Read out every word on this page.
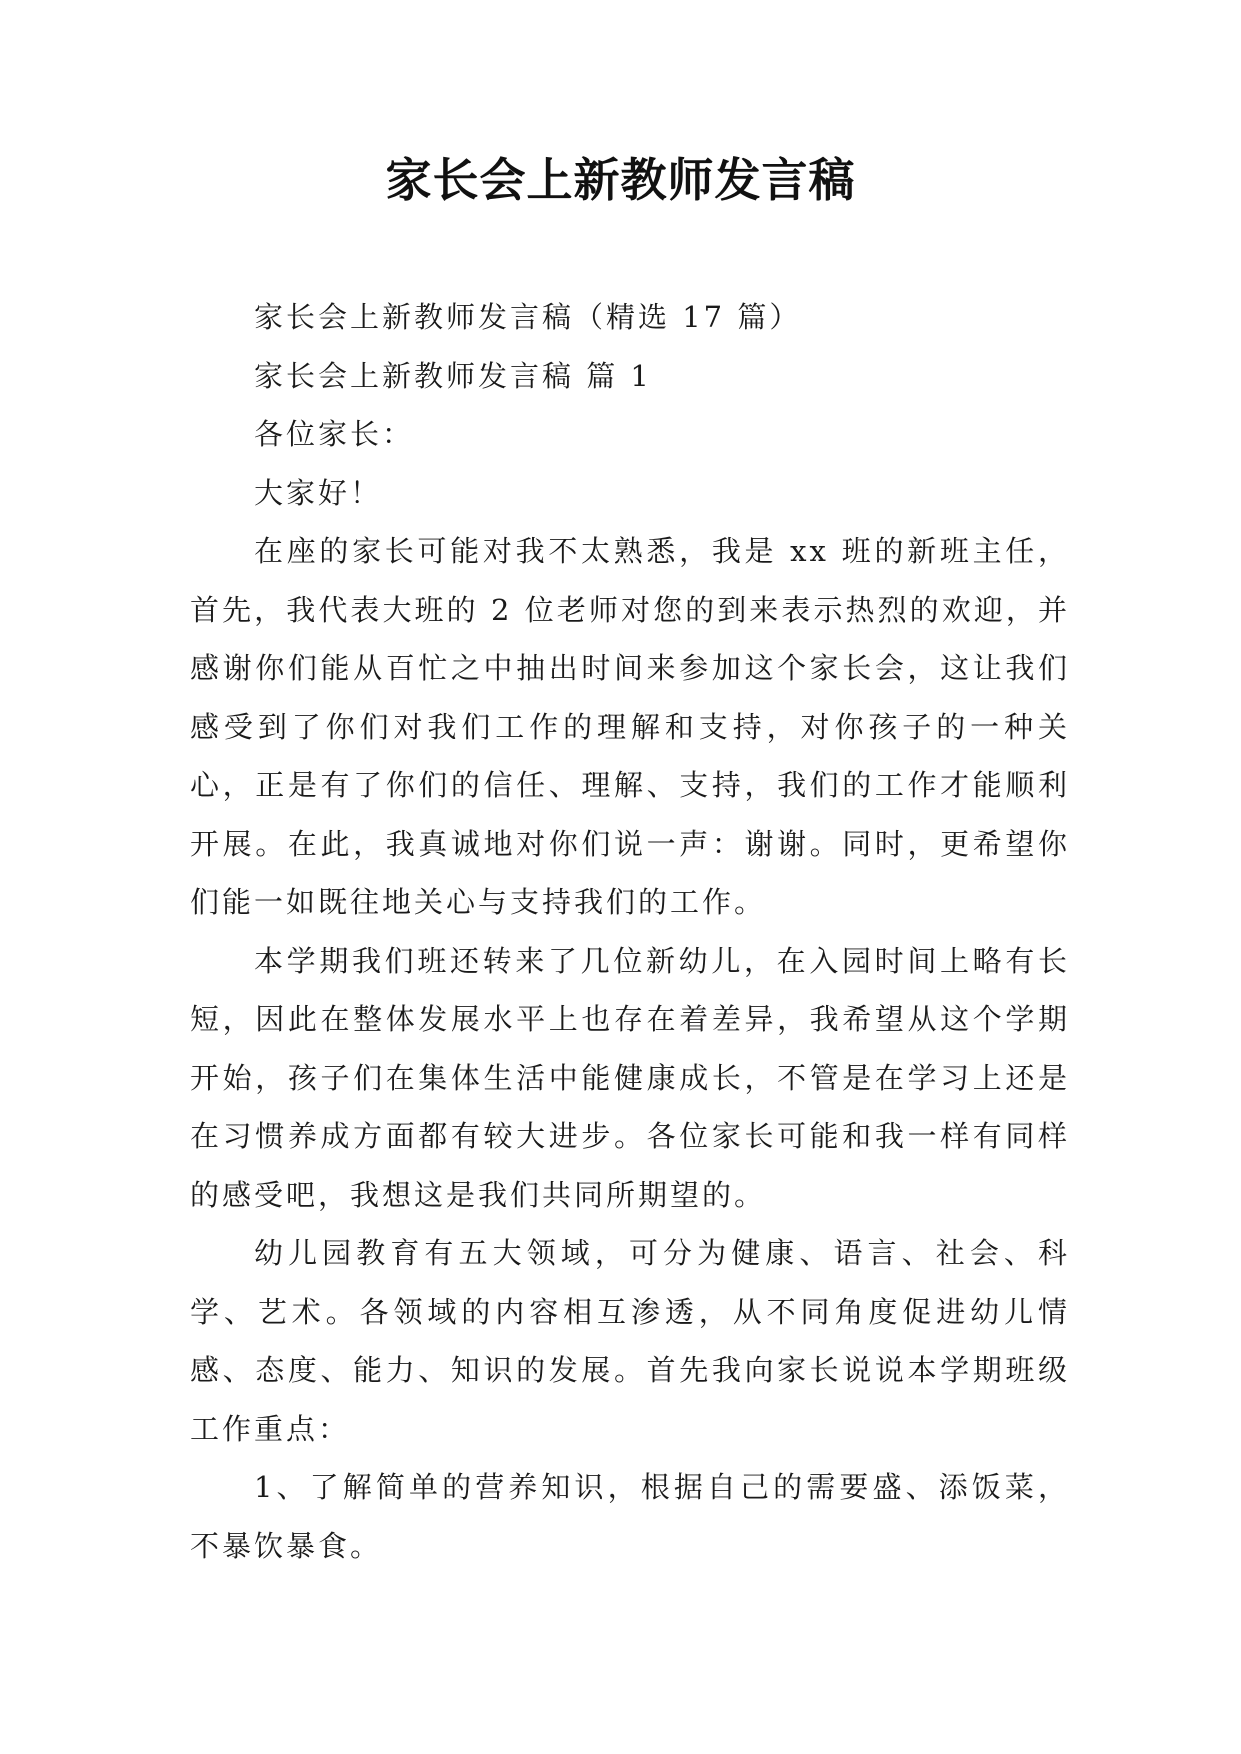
家长会上新教师发言稿

家长会上新教师发言稿（精选 17 篇）

家长会上新教师发言稿 篇 1

各位家长：

大家好！

在座的家长可能对我不太熟悉，我是 xx 班的新班主任，首先，我代表大班的 2 位老师对您的到来表示热烈的欢迎，并感谢你们能从百忙之中抽出时间来参加这个家长会，这让我们感受到了你们对我们工作的理解和支持，对你孩子的一种关心，正是有了你们的信任、理解、支持，我们的工作才能顺利开展。在此，我真诚地对你们说一声：谢谢。同时，更希望你们能一如既往地关心与支持我们的工作。

本学期我们班还转来了几位新幼儿，在入园时间上略有长短，因此在整体发展水平上也存在着差异，我希望从这个学期开始，孩子们在集体生活中能健康成长，不管是在学习上还是在习惯养成方面都有较大进步。各位家长可能和我一样有同样的感受吧，我想这是我们共同所期望的。

幼儿园教育有五大领域，可分为健康、语言、社会、科学、艺术。各领域的内容相互渗透，从不同角度促进幼儿情感、态度、能力、知识的发展。首先我向家长说说本学期班级工作重点：

1、了解简单的营养知识，根据自己的需要盛、添饭菜，不暴饮暴食。
